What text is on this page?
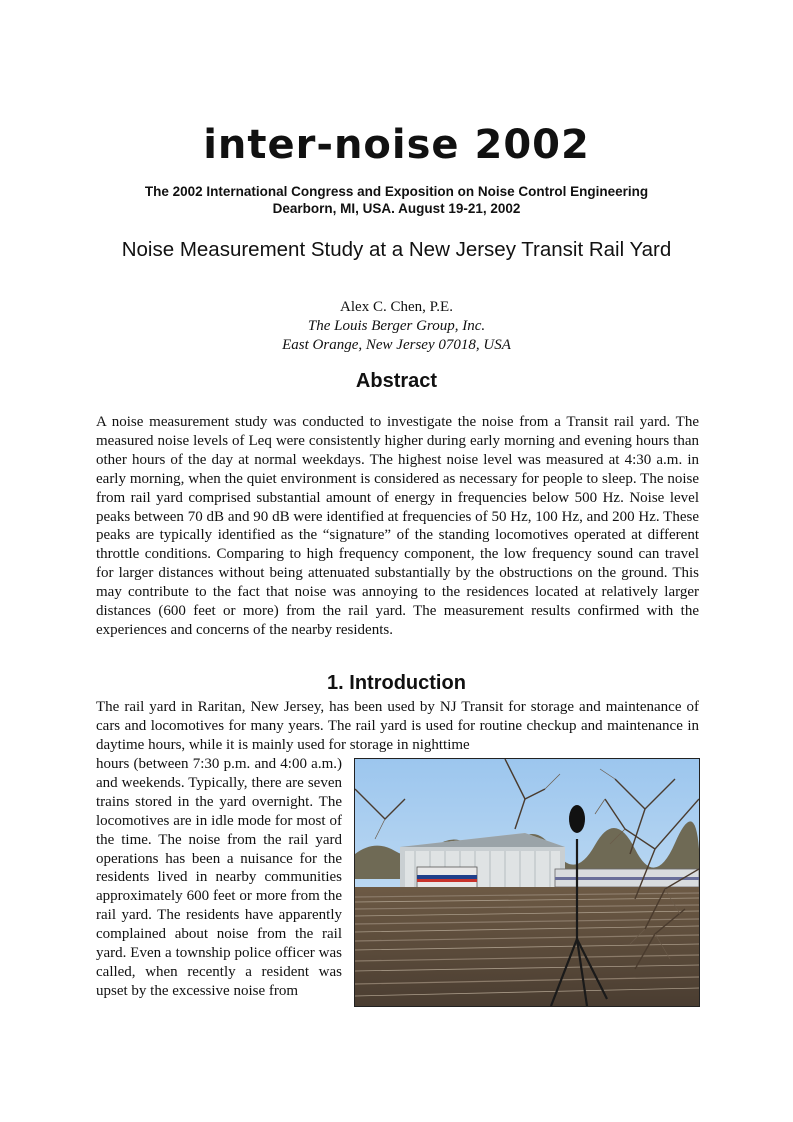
inter-noise 2002
The 2002 International Congress and Exposition on Noise Control Engineering
Dearborn, MI, USA. August 19-21, 2002
Noise Measurement Study at a New Jersey Transit Rail Yard
Alex C. Chen, P.E.
The Louis Berger Group, Inc.
East Orange, New Jersey 07018, USA
Abstract

A noise measurement study was conducted to investigate the noise from a Transit rail yard. The measured noise levels of Leq were consistently higher during early morning and evening hours than other hours of the day at normal weekdays. The highest noise level was measured at 4:30 a.m. in early morning, when the quiet environment is considered as necessary for people to sleep. The noise from rail yard comprised substantial amount of energy in frequencies below 500 Hz. Noise level peaks between 70 dB and 90 dB were identified at frequencies of 50 Hz, 100 Hz, and 200 Hz. These peaks are typically identified as the “signature” of the standing locomotives operated at different throttle conditions. Comparing to high frequency component, the low frequency sound can travel for larger distances without being attenuated substantially by the obstructions on the ground. This may contribute to the fact that noise was annoying to the residences located at relatively larger distances (600 feet or more) from the rail yard. The measurement results confirmed with the experiences and concerns of the nearby residents.

1. Introduction

The rail yard in Raritan, New Jersey, has been used by NJ Transit for storage and maintenance of cars and locomotives for many years. The rail yard is used for routine checkup and maintenance in daytime hours, while it is mainly used for storage in nighttime

hours (between 7:30 p.m. and 4:00 a.m.) and weekends. Typically, there are seven trains stored in the yard overnight. The locomotives are in idle mode for most of the time. The noise from the rail yard operations has been a nuisance for the residents lived in nearby communities approximately 600 feet or more from the rail yard. The residents have apparently complained about noise from the rail yard. Even a township police officer was called, when recently a resident was upset by the excessive noise from
